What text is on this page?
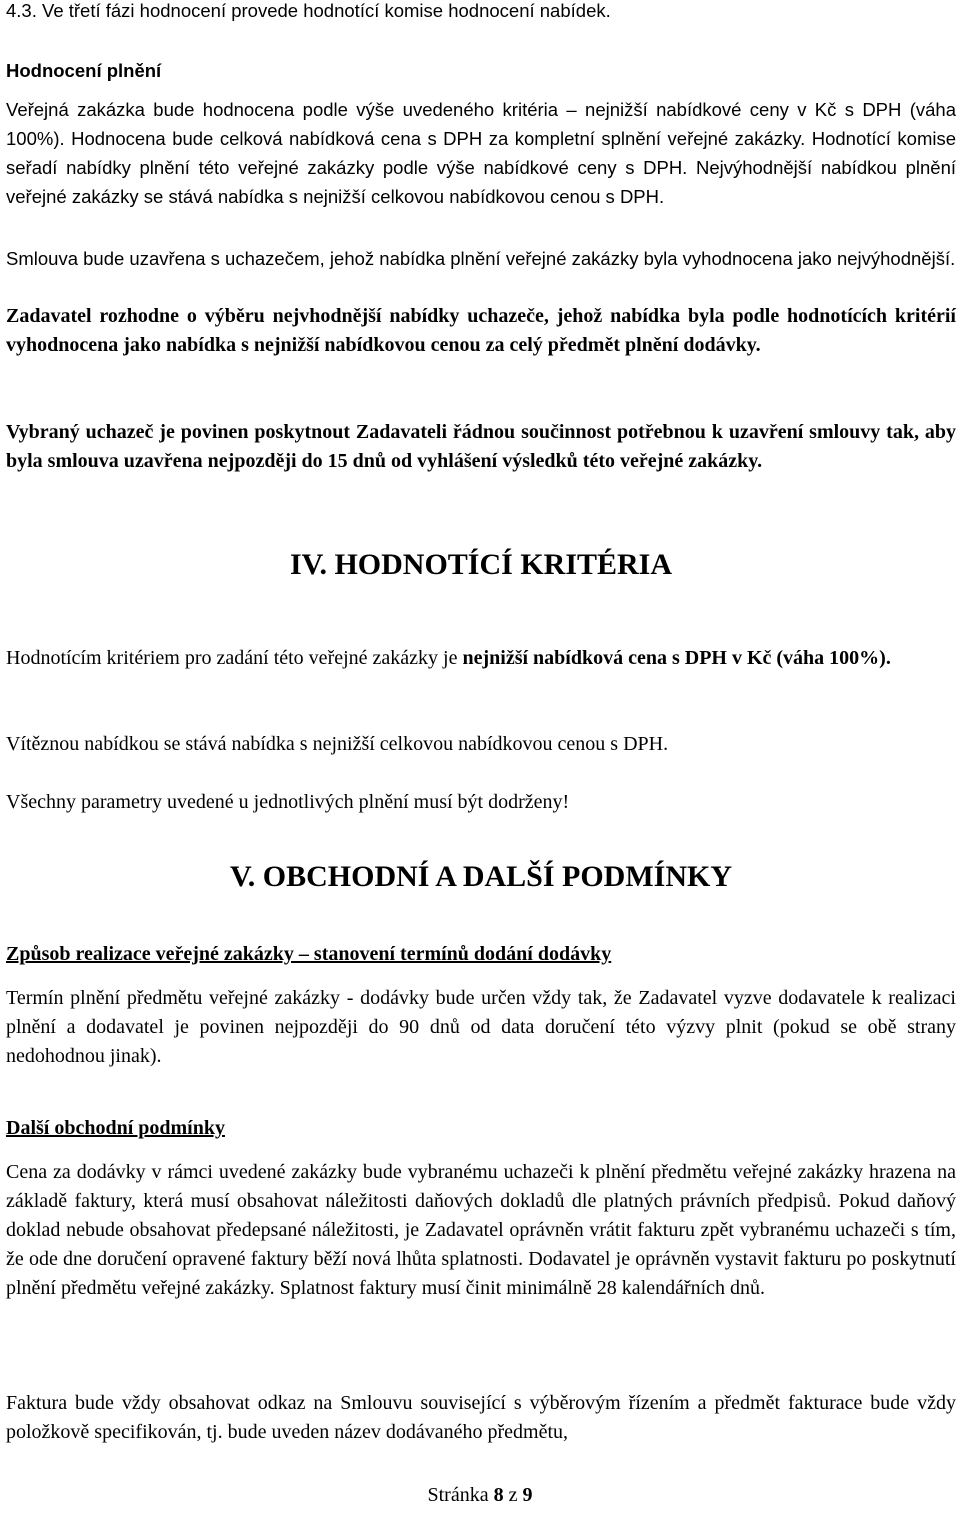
4.3. Ve třetí fázi hodnocení provede hodnotící komise hodnocení nabídek.

Hodnocení plnění

Veřejná zakázka bude hodnocena podle výše uvedeného kritéria – nejnižší nabídkové ceny v Kč s DPH (váha 100%). Hodnocena bude celková nabídková cena s DPH za kompletní splnění veřejné zakázky. Hodnotící komise seřadí nabídky plnění této veřejné zakázky podle výše nabídkové ceny s DPH. Nejvýhodnější nabídkou plnění veřejné zakázky se stává nabídka s nejnižší celkovou nabídkovou cenou s DPH.

Smlouva bude uzavřena s uchazečem, jehož nabídka plnění veřejné zakázky byla vyhodnocena jako nejvýhodnější.

Zadavatel rozhodne o výběru nejvhodnější nabídky uchazeče, jehož nabídka byla podle hodnotících kritérií vyhodnocena jako nabídka s nejnižší nabídkovou cenou za celý předmět plnění dodávky.

Vybraný uchazeč je povinen poskytnout Zadavateli řádnou součinnost potřebnou k uzavření smlouvy tak, aby byla smlouva uzavřena nejpozději do 15 dnů od vyhlášení výsledků této veřejné zakázky.

IV. HODNOTÍCÍ KRITÉRIA

Hodnotícím kritériem pro zadání této veřejné zakázky je nejnižší nabídková cena s DPH v Kč (váha 100%).

Vítěznou nabídkou se stává nabídka s nejnižší celkovou nabídkovou cenou s DPH.

Všechny parametry uvedené u jednotlivých plnění musí být dodrženy!

V. OBCHODNÍ A DALŠÍ PODMÍNKY

Způsob realizace veřejné zakázky – stanovení termínů dodání dodávky

Termín plnění předmětu veřejné zakázky - dodávky bude určen vždy tak, že Zadavatel vyzve dodavatele k realizaci plnění a dodavatel je povinen nejpozději do 90 dnů od data doručení této výzvy plnit (pokud se obě strany nedohodnou jinak).

Další obchodní podmínky

Cena za dodávky v rámci uvedené zakázky bude vybranému uchazeči k plnění předmětu veřejné zakázky hrazena na základě faktury, která musí obsahovat náležitosti daňových dokladů dle platných právních předpisů. Pokud daňový doklad nebude obsahovat předepsané náležitosti, je Zadavatel oprávněn vrátit fakturu zpět vybranému uchazeči s tím, že ode dne doručení opravené faktury běží nová lhůta splatnosti. Dodavatel je oprávněn vystavit fakturu po poskytnutí plnění předmětu veřejné zakázky. Splatnost faktury musí činit minimálně 28 kalendářních dnů.

Faktura bude vždy obsahovat odkaz na Smlouvu související s výběrovým řízením a předmět fakturace bude vždy položkově specifikován, tj. bude uveden název dodávaného předmětu,

Stránka 8 z 9
